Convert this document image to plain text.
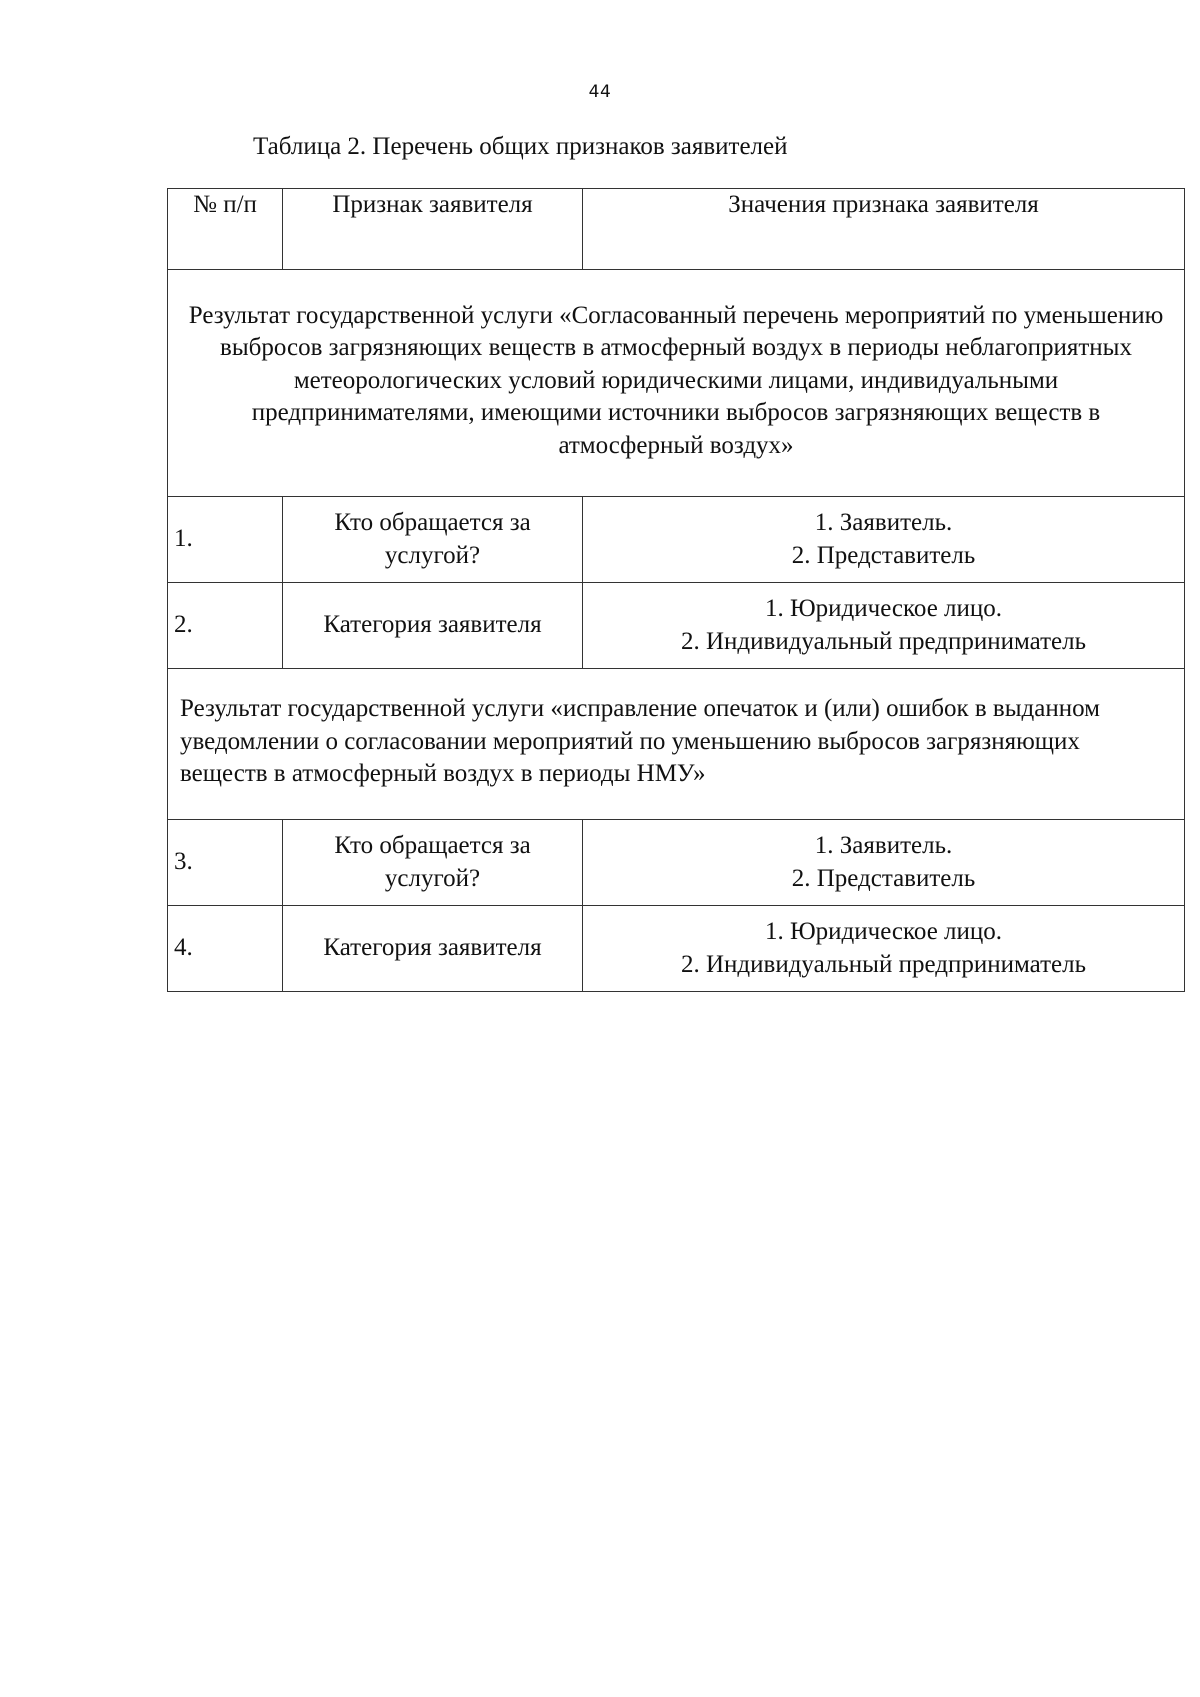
44
Таблица 2. Перечень общих признаков заявителей
№ п/п	Признак заявителя	Значения признака заявителя
Результат государственной услуги «Согласованный перечень мероприятий по уменьшению выбросов загрязняющих веществ в атмосферный воздух в периоды неблагоприятных метеорологических условий юридическими лицами, индивидуальными предпринимателями, имеющими источники выбросов загрязняющих веществ в атмосферный воздух»		
1.	Кто обращается за услугой?	1. Заявитель.
2. Представитель

2.	Категория заявителя	1. Юридическое лицо.
2. Индивидуальный предприниматель

Результат государственной услуги «исправление опечаток и (или) ошибок в выданном уведомлении о согласовании мероприятий по уменьшению выбросов загрязняющих веществ в атмосферный воздух в периоды НМУ»		
3.	Кто обращается за услугой?	1. Заявитель.
2. Представитель

4.	Категория заявителя	1. Юридическое лицо.
2. Индивидуальный предприниматель
